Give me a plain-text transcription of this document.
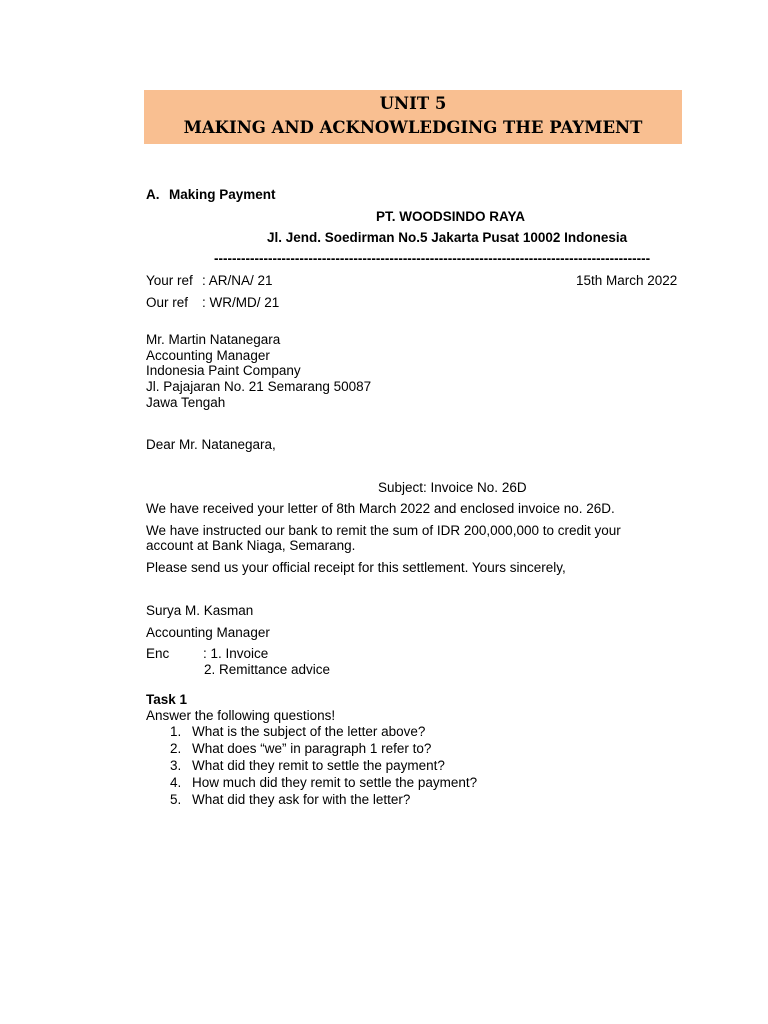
UNIT 5
MAKING AND ACKNOWLEDGING THE PAYMENT
A. Making Payment
PT. WOODSINDO RAYA
Jl. Jend. Soedirman No.5 Jakarta Pusat 10002 Indonesia
-------------------------------------------------------------------------------------------------
Your ref : AR/NA/ 21	15th March 2022
Our ref : WR/MD/ 21
Mr. Martin Natanegara
Accounting Manager
Indonesia Paint Company
Jl. Pajajaran No. 21 Semarang 50087
Jawa Tengah
Dear Mr. Natanegara,
Subject: Invoice No. 26D
We have received your letter of 8th March 2022 and enclosed invoice no. 26D.
We have instructed our bank to remit the sum of IDR 200,000,000 to credit your
account at Bank Niaga, Semarang.
Please send us your official receipt for this settlement. Yours sincerely,
Surya M. Kasman
Accounting Manager
Enc : 1. Invoice
2. Remittance advice
Task 1
Answer the following questions!
1. What is the subject of the letter above?
2. What does “we” in paragraph 1 refer to?
3. What did they remit to settle the payment?
4. How much did they remit to settle the payment?
5. What did they ask for with the letter?
